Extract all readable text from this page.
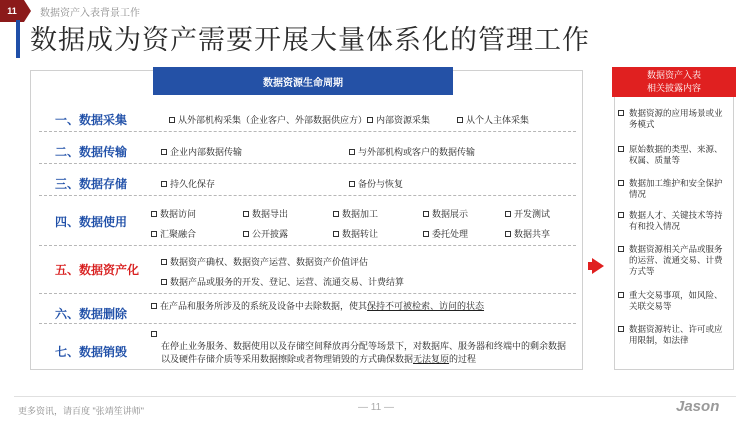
11	数据资产入表背景工作
数据成为资产需要开展大量体系化的管理工作
数据资源生命周期
一、数据采集	从外部机构采集（企业客户、外部数据供应方） 内部资源采集	从个人主体采集
二、数据传输	企业内部数据传输	与外部机构或客户的数据传输
三、数据存储	持久化保存	备份与恢复
四、数据使用
数据访问	数据导出	数据加工	数据展示	开发测试
汇聚融合	公开披露	数据转让	委托处理	数据共享
五、数据资产化
数据资产确权、数据资产运营、数据资产价值评估
数据产品或服务的开发、登记、运营、流通交易、计费结算
六、数据删除
在产品和服务所涉及的系统及设备中去除数据，使其保持不可被检索、访问的状态
七、数据销毁	在停止业务服务、数据使用以及存储空间释放再分配等场景下，对数据库、服务器和终端中的剩余数据
以及硬件存储介质等采用数据擦除或者物理销毁的方式确保数据无法复原的过程
数据资产入表
相关披露内容
数据资源的应用场景或业务模式
原始数据的类型、来源、权属、质量等
数据加工维护和安全保护情况
数据人才、关键技术等持有和投入情况
数据资源相关产品或服务的运营、流通交易、计费方式等
重大交易事项，如风险、关联交易等
数据资源转让、许可或应用限制，如法律
更多资讯，请百度 "张靖笙讲师"	— 11 —	Jason
